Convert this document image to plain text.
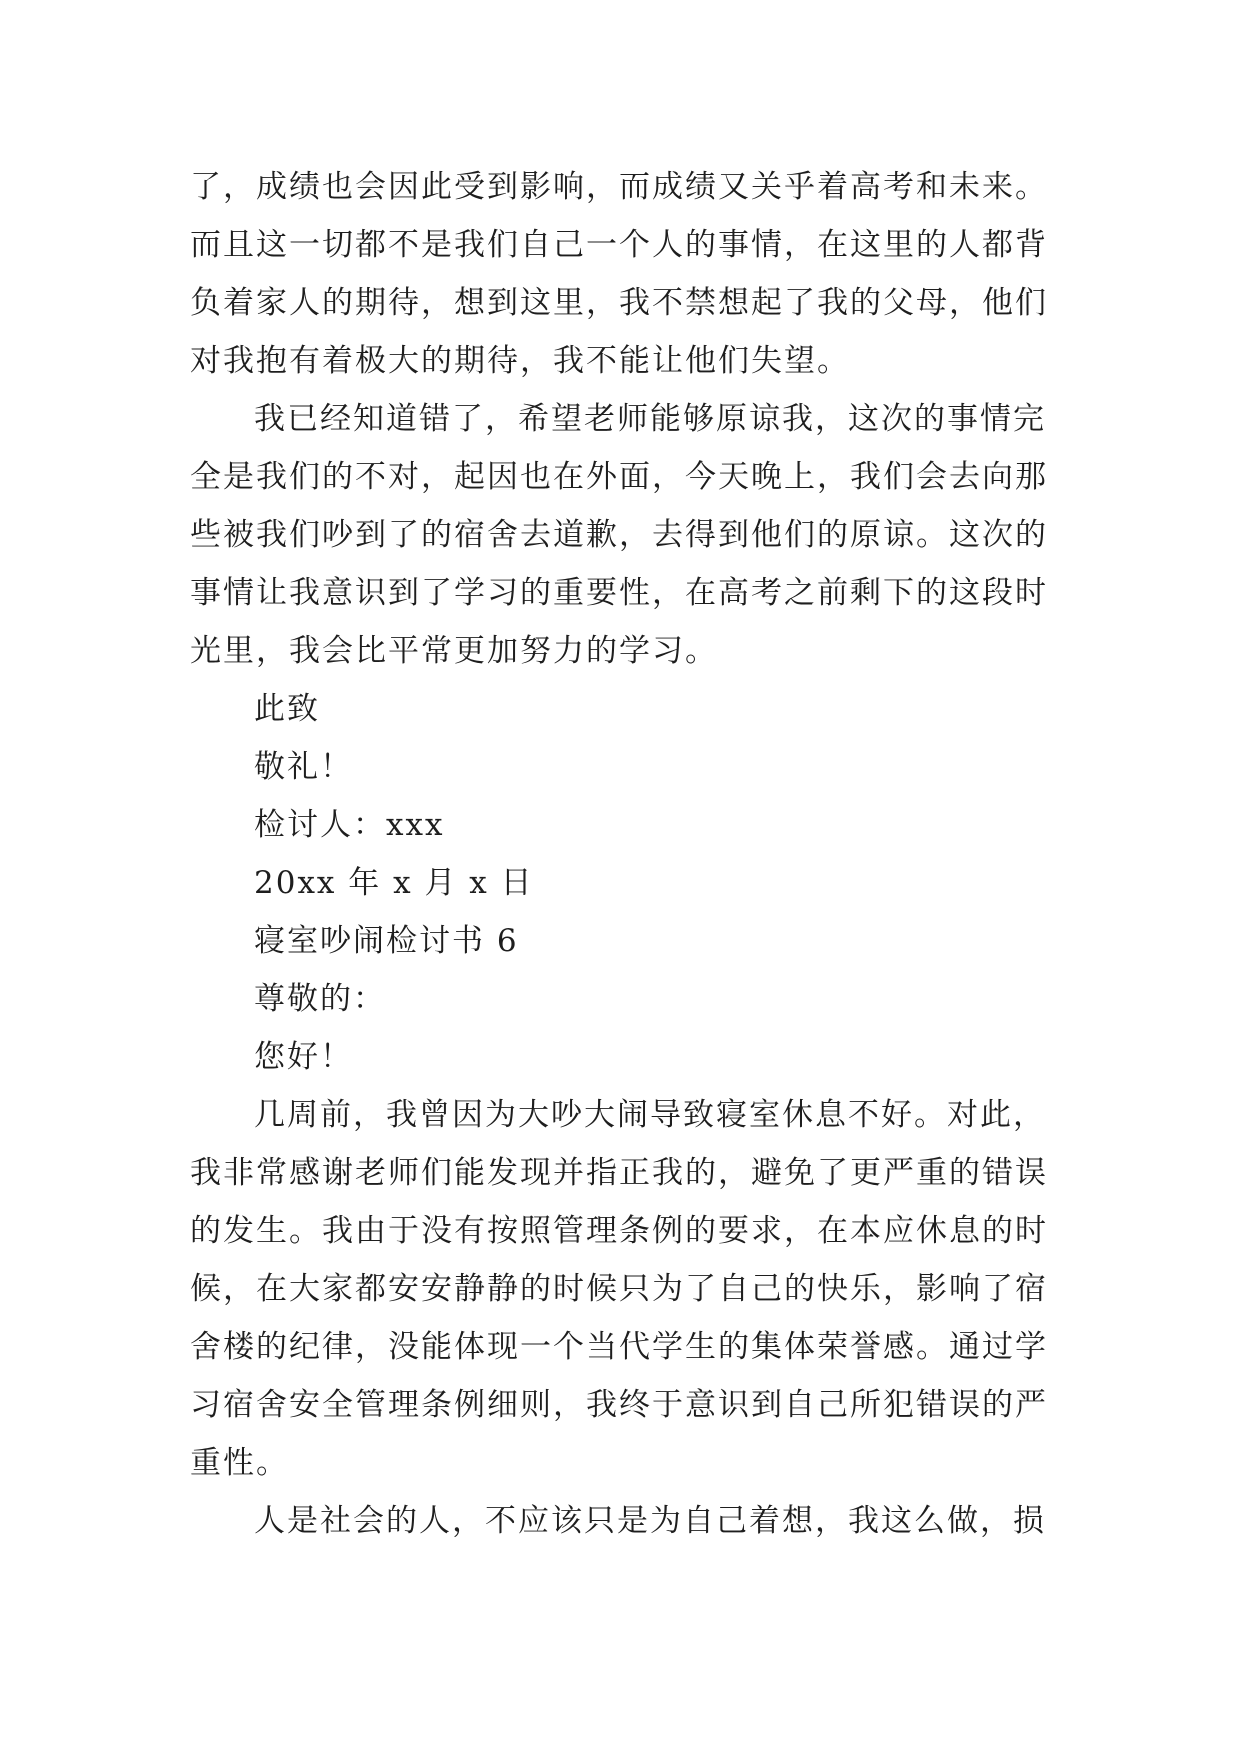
了，成绩也会因此受到影响，而成绩又关乎着高考和未来。
而且这一切都不是我们自己一个人的事情，在这里的人都背
负着家人的期待，想到这里，我不禁想起了我的父母，他们
对我抱有着极大的期待，我不能让他们失望。
我已经知道错了，希望老师能够原谅我，这次的事情完
全是我们的不对，起因也在外面，今天晚上，我们会去向那
些被我们吵到了的宿舍去道歉，去得到他们的原谅。这次的
事情让我意识到了学习的重要性，在高考之前剩下的这段时
光里，我会比平常更加努力的学习。
此致
敬礼！
检讨人：xxx
20xx 年 x 月 x 日
寝室吵闹检讨书 6
尊敬的：
您好！
几周前，我曾因为大吵大闹导致寝室休息不好。对此，
我非常感谢老师们能发现并指正我的，避免了更严重的错误
的发生。我由于没有按照管理条例的要求，在本应休息的时
候，在大家都安安静静的时候只为了自己的快乐，影响了宿
舍楼的纪律，没能体现一个当代学生的集体荣誉感。通过学
习宿舍安全管理条例细则，我终于意识到自己所犯错误的严
重性。
人是社会的人，不应该只是为自己着想，我这么做，损
